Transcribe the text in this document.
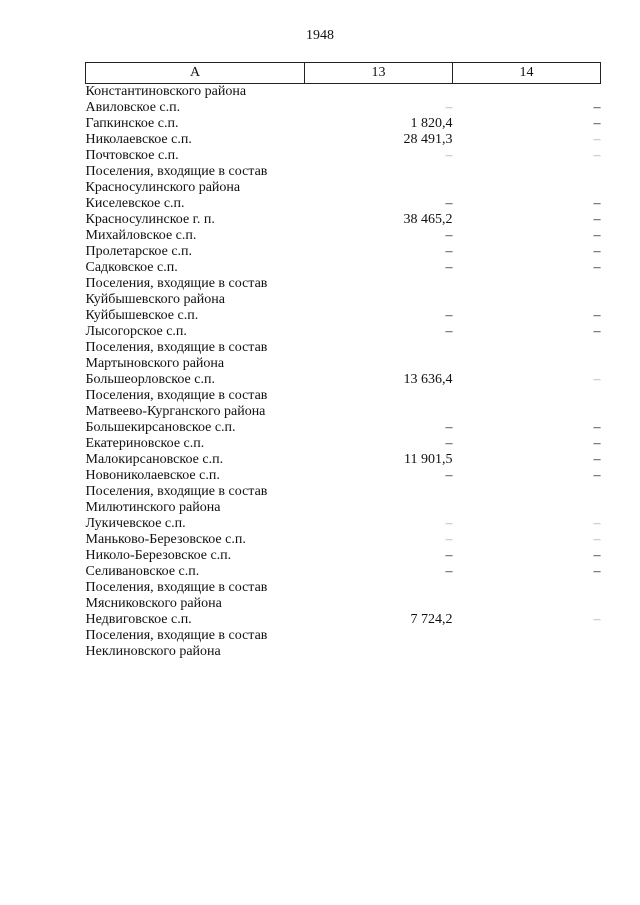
1948
А	13	14

Константиновского района		

Авиловское с.п.	–	–

Гапкинское с.п.	1 820,4	–

Николаевское с.п.	28 491,3	–

Почтовское с.п.	–	–

Поселения, входящие в состав
Красносулинского района		

Киселевское с.п.	–	–

Красносулинское г. п.	38 465,2	–

Михайловское с.п.	–	–

Пролетарское с.п.	–	–

Садковское с.п.	–	–

Поселения, входящие в состав
Куйбышевского района		

Куйбышевское с.п.	–	–

Лысогорское с.п.	–	–

Поселения, входящие в состав
Мартыновского района		

Большеорловское с.п.	13 636,4	–

Поселения, входящие в состав
Матвеево-Курганского района		

Большекирсановское с.п.	–	–

Екатериновское с.п.	–	–

Малокирсановское с.п.	11 901,5	–

Новониколаевское с.п.	–	–

Поселения, входящие в состав
Милютинского района		

Лукичевское с.п.	–	–

Маньково-Березовское с.п.	–	–

Николо-Березовское с.п.	–	–

Селивановское с.п.	–	–

Поселения, входящие в состав
Мясниковского района		

Недвиговское с.п.	7 724,2	–

Поселения, входящие в состав
Неклиновского района		
